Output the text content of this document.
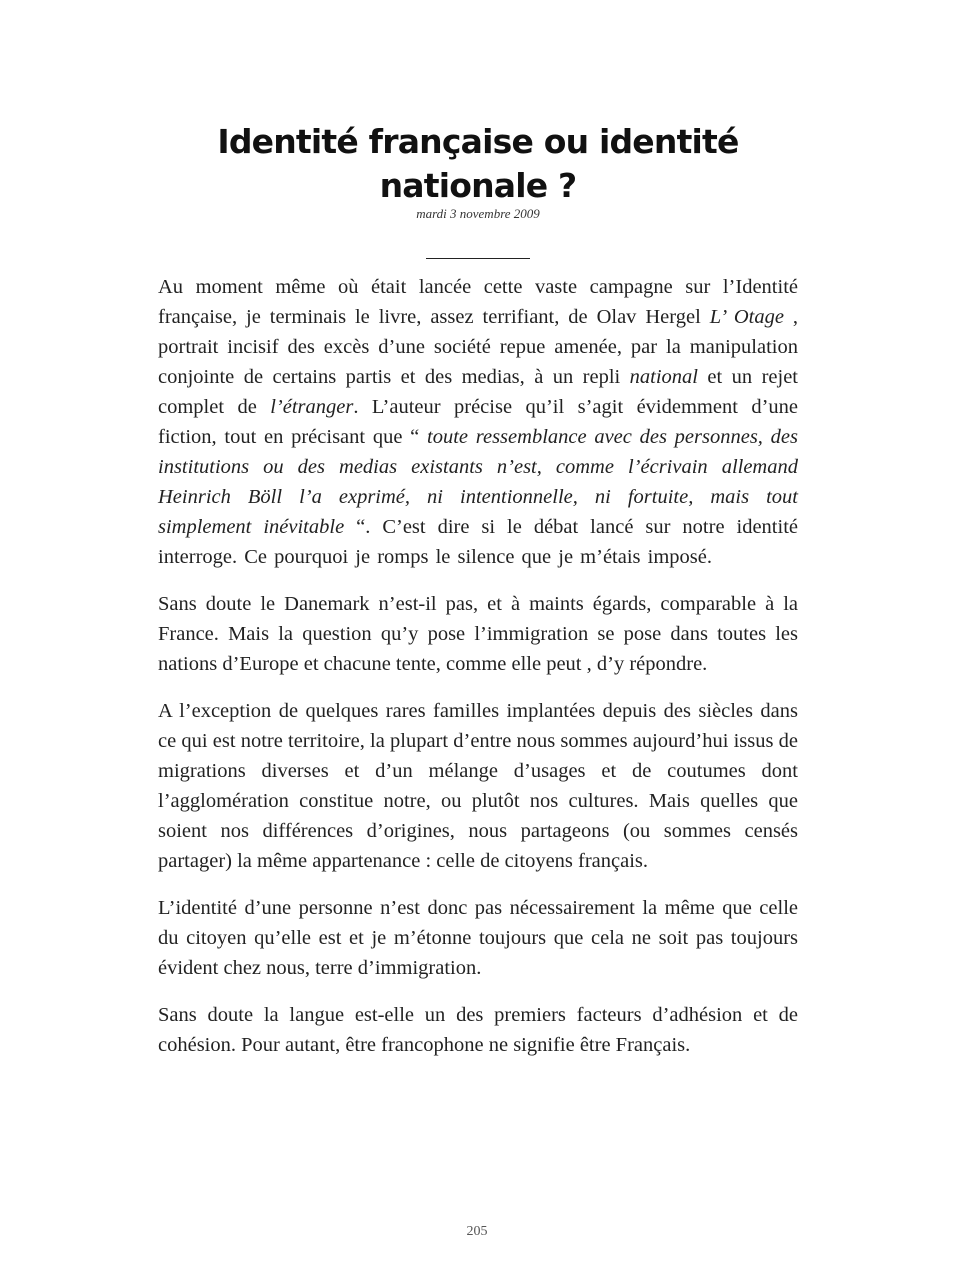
Identité française ou identité nationale ?
mardi 3 novembre 2009

Au moment même où était lancée cette vaste campagne sur l’Identité française, je terminais le livre, assez terrifiant, de Olav Hergel L’ Otage , portrait incisif des excès d’une société repue amenée, par la manipulation conjointe de certains partis et des medias, à un repli national et un rejet complet de l’étranger. L’auteur précise qu’il s’agit évidemment d’une fiction, tout en précisant que “ toute ressemblance avec des personnes, des institutions ou des medias existants n’est, comme l’écrivain allemand Heinrich Böll l’a exprimé, ni intentionnelle, ni fortuite, mais tout simplement inévitable “. C’est dire si le débat lancé sur notre identité interroge. Ce pourquoi je romps le silence que je m’étais imposé.

Sans doute le Danemark n’est-il pas, et à maints égards, comparable à la France. Mais la question qu’y pose l’immigration se pose dans toutes les nations d’Europe et chacune tente, comme elle peut , d’y répondre.

A l’exception de quelques rares familles implantées depuis des siècles dans ce qui est notre territoire, la plupart d’entre nous sommes aujourd’hui issus de migrations diverses et d’un mélange d’usages et de coutumes dont l’agglomération constitue notre, ou plutôt nos cultures. Mais quelles que soient nos différences d’origines, nous partageons (ou sommes censés partager) la même appartenance : celle de citoyens français.

L’identité d’une personne n’est donc pas nécessairement la même que celle du citoyen qu’elle est et je m’étonne toujours que cela ne soit pas toujours évident chez nous, terre d’immigration.

Sans doute la langue est-elle un des premiers facteurs d’adhésion et de cohésion. Pour autant, être francophone ne signifie être Français.

205
